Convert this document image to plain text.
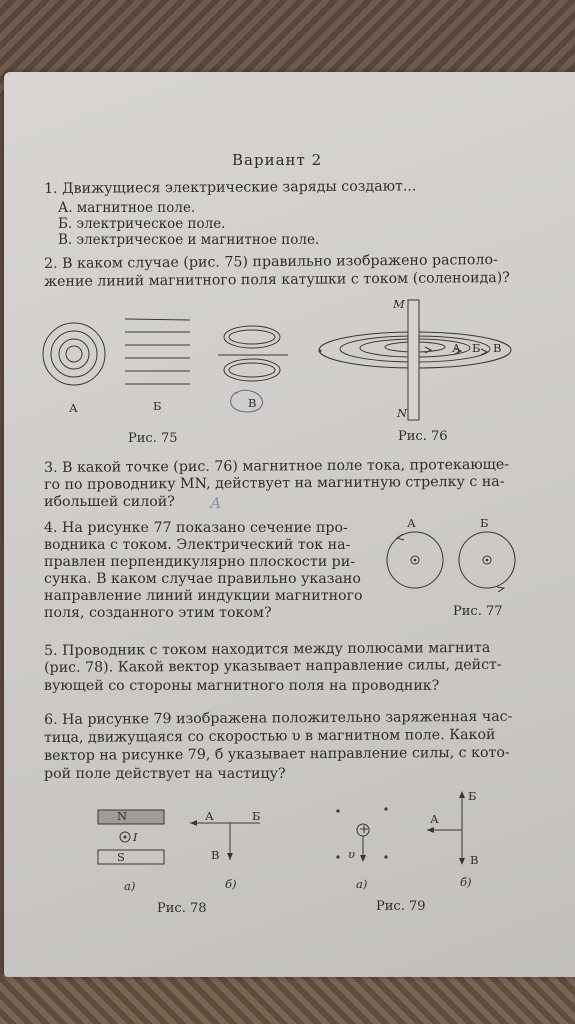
Вариант 2
1. Движущиеся электрические заряды создают...
А. магнитное поле.
Б. электрическое поле.
В. электрическое и магнитное поле.
2. В каком случае (рис. 75) правильно изображено располо-
жение линий магнитного поля катушки с током (соленоида)?
А	Б	В
Рис. 75
M
N
А Б В
Рис. 76
3. В какой точке (рис. 76) магнитное поле тока, протекающе-
го по проводнику MN, действует на магнитную стрелку с на-
ибольшей силой? А
4. На рисунке 77 показано сечение про-
водника с током. Электрический ток на-
правлен перпендикулярно плоскости ри-
сунка. В каком случае правильно указано
направление линий индукции магнитного
поля, созданного этим током?
А	Б
Рис. 77
5. Проводник с током находится между полюсами магнита
(рис. 78). Какой вектор указывает направление силы, дейст-
вующей со стороны магнитного поля на проводник?
6. На рисунке 79 изображена положительно заряженная час-
тица, движущаяся со скоростью υ в магнитном поле. Какой
вектор на рисунке 79, б указывает направление силы, с кото-
рой поле действует на частицу?
N
S
I
А	Б
В
а)	б)
Рис. 78
+
υ
Б
А
В
а)	б)
Рис. 79
